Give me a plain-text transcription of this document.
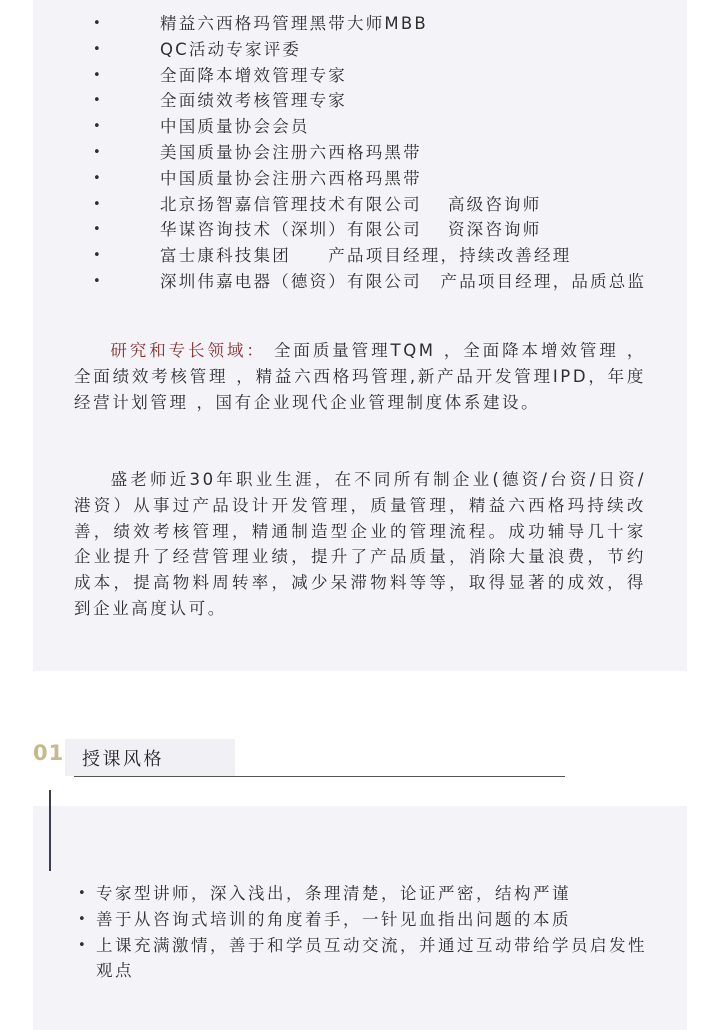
•	精益六西格玛管理黑带大师MBB
•	QC活动专家评委
•	全面降本增效管理专家
•	全面绩效考核管理专家
•	中国质量协会会员
•	美国质量协会注册六西格玛黑带
•	中国质量协会注册六西格玛黑带
•	北京扬智嘉信管理技术有限公司 　高级咨询师
•	华谋咨询技术（深圳）有限公司 　资深咨询师
•	富士康科技集团　　产品项目经理，持续改善经理
•	深圳伟嘉电器（德资）有限公司　产品项目经理，品质总监

研究和专长领域： 全面质量管理TQM ，全面降本增效管理 ，全面绩效考核管理 ，精益六西格玛管理,新产品开发管理IPD，年度经营计划管理 ，国有企业现代企业管理制度体系建设。

盛老师近30年职业生涯，在不同所有制企业(德资/台资/日资/港资）从事过产品设计开发管理，质量管理，精益六西格玛持续改善，绩效考核管理，精通制造型企业的管理流程。成功辅导几十家企业提升了经营管理业绩，提升了产品质量，消除大量浪费，节约成本，提高物料周转率，减少呆滞物料等等，取得显著的成效，得到企业高度认可。

01 授课风格
• 专家型讲师，深入浅出，条理清楚，论证严密，结构严谨
• 善于从咨询式培训的角度着手，一针见血指出问题的本质
• 上课充满激情，善于和学员互动交流，并通过互动带给学员启发性观点
